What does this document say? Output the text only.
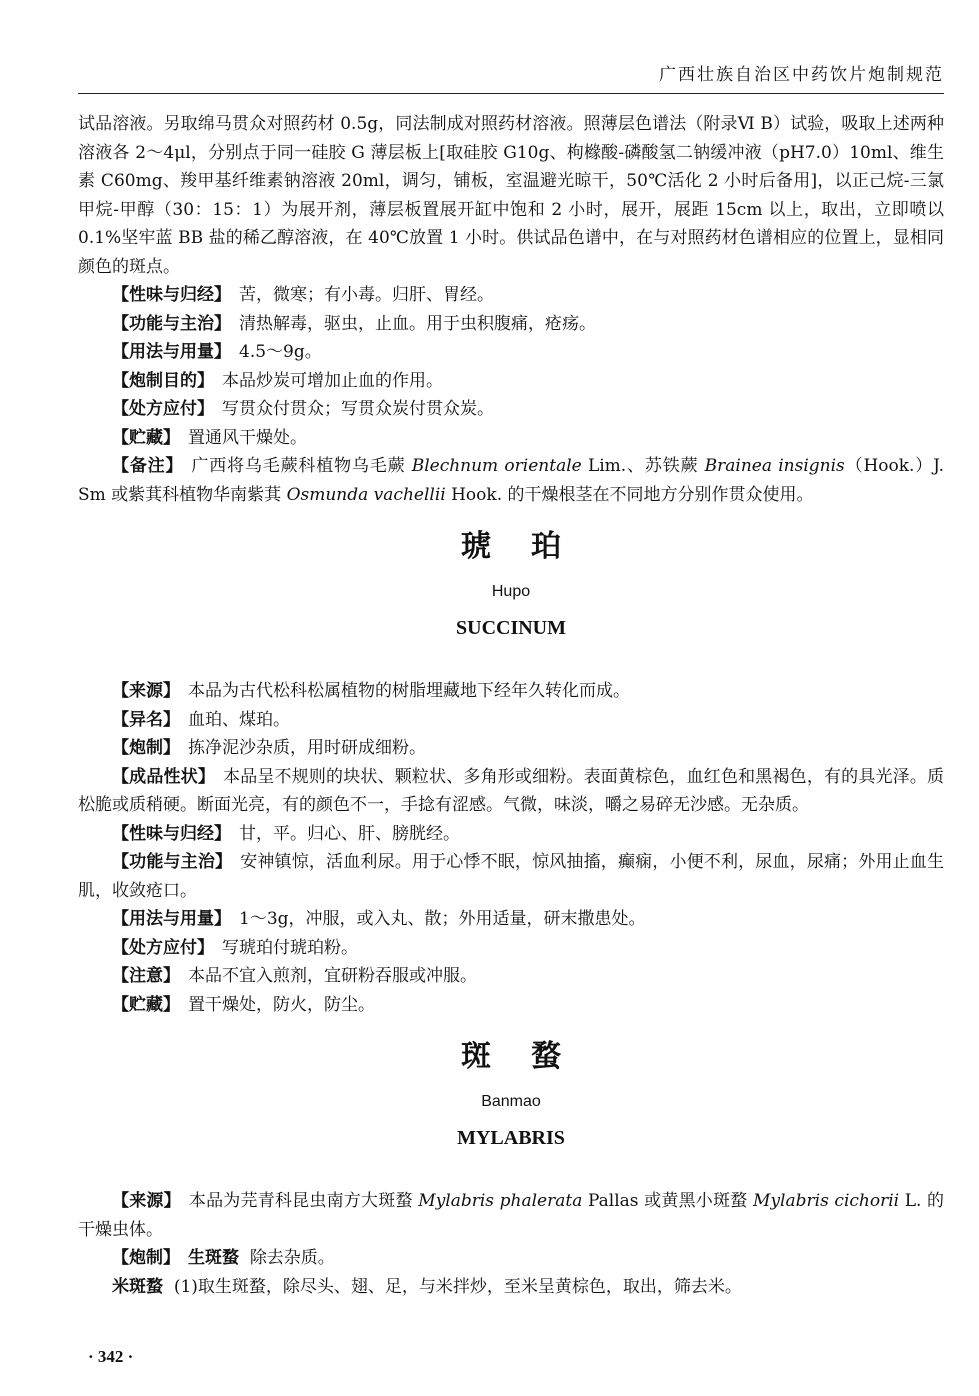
广西壮族自治区中药饮片炮制规范

试品溶液。另取绵马贯众对照药材 0.5g，同法制成对照药材溶液。照薄层色谱法（附录Ⅵ B）试验，吸取上述两种溶液各 2～4μl，分别点于同一硅胶 G 薄层板上[取硅胶 G10g、枸橼酸-磷酸氢二钠缓冲液（pH7.0）10ml、维生素 C60mg、羧甲基纤维素钠溶液 20ml，调匀，铺板，室温避光晾干，50℃活化 2 小时后备用]，以正己烷-三氯甲烷-甲醇（30：15：1）为展开剂，薄层板置展开缸中饱和 2 小时，展开，展距 15cm 以上，取出，立即喷以 0.1%坚牢蓝 BB 盐的稀乙醇溶液，在 40℃放置 1 小时。供试品色谱中，在与对照药材色谱相应的位置上，显相同颜色的斑点。

【 性味与归经 】 苦，微寒；有小毒。归肝、胃经。

【 功能与主治 】 清热解毒，驱虫，止血。用于虫积腹痛，疮疡。

【 用法与用量 】 4.5～9g。

【 炮制目的 】 本品炒炭可增加止血的作用。

【 处方应付 】 写贯众付贯众；写贯众炭付贯众炭。

【 贮藏 】 置通风干燥处。

【 备注 】 广西将乌毛蕨科植物乌毛蕨 Blechnum orientale Lim.、苏铁蕨 Brainea insignis（Hook.）J. Sm 或紫萁科植物华南紫萁 Osmunda vachellii Hook. 的干燥根茎在不同地方分别作贯众使用。

琥珀
Hupo
SUCCINUM

【 来源 】 本品为古代松科松属植物的树脂埋藏地下经年久转化而成。

【 异名 】 血珀、煤珀。

【 炮制 】 拣净泥沙杂质，用时研成细粉。

【 成品性状 】 本品呈不规则的块状、颗粒状、多角形或细粉。表面黄棕色，血红色和黑褐色，有的具光泽。质松脆或质稍硬。断面光亮，有的颜色不一，手捻有涩感。气微，味淡，嚼之易碎无沙感。无杂质。

【 性味与归经 】 甘，平。归心、肝、膀胱经。

【 功能与主治 】 安神镇惊，活血利尿。用于心悸不眠，惊风抽搐，癫痫，小便不利，尿血，尿痛；外用止血生肌，收敛疮口。

【 用法与用量 】 1～3g，冲服，或入丸、散；外用适量，研末撒患处。

【 处方应付 】 写琥珀付琥珀粉。

【 注意 】 本品不宜入煎剂，宜研粉吞服或冲服。

【 贮藏 】 置干燥处，防火，防尘。

斑蝥
Banmao
MYLABRIS

【 来源 】 本品为芫青科昆虫南方大斑蝥 Mylabris phalerata Pallas 或黄黑小斑蝥 Mylabris cichorii L. 的干燥虫体。

【 炮制 】 生斑蝥 除去杂质。

米斑蝥 (1)取生斑蝥，除尽头、翅、足，与米拌炒，至米呈黄棕色，取出，筛去米。

· 342 ·
